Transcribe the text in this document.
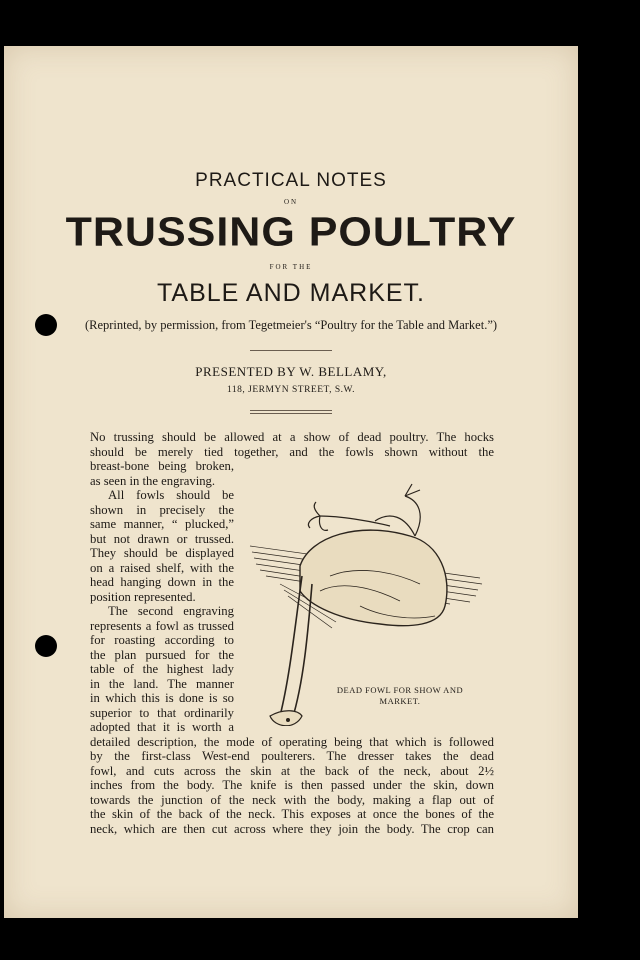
PRACTICAL NOTES
ON
TRUSSING POULTRY
FOR THE
TABLE AND MARKET.
(Reprinted, by permission, from Tegetmeier's “Poultry for the Table and Market.”)
PRESENTED BY W. BELLAMY,
118, JERMYN STREET, S.W.
No trussing should be allowed at a show of dead poultry. The hocks
should be merely tied together, and the fowls shown without the
breast-bone being broken,
as seen in the engraving.
All fowls should be
shown in precisely the
same manner, “ plucked,”
but not drawn or trussed.
They should be displayed
on a raised shelf, with the
head hanging down in the
position represented.
The second engraving
represents a fowl as trussed
for roasting according to
the plan pursued for the
table of the highest lady
in the land. The manner
in which this is done is so
superior to that ordinarily
adopted that it is worth a
detailed description, the mode of operating being that which is followed
by the first-class West-end poulterers. The dresser takes the dead
fowl, and cuts across the skin at the back of the neck, about 2½
inches from the body. The knife is then passed under the skin, down
towards the junction of the neck with the body, making a flap out of
the skin of the back of the neck. This exposes at once the bones of the
neck, which are then cut across where they join the body. The crop can
DEAD FOWL FOR SHOW AND
MARKET.
